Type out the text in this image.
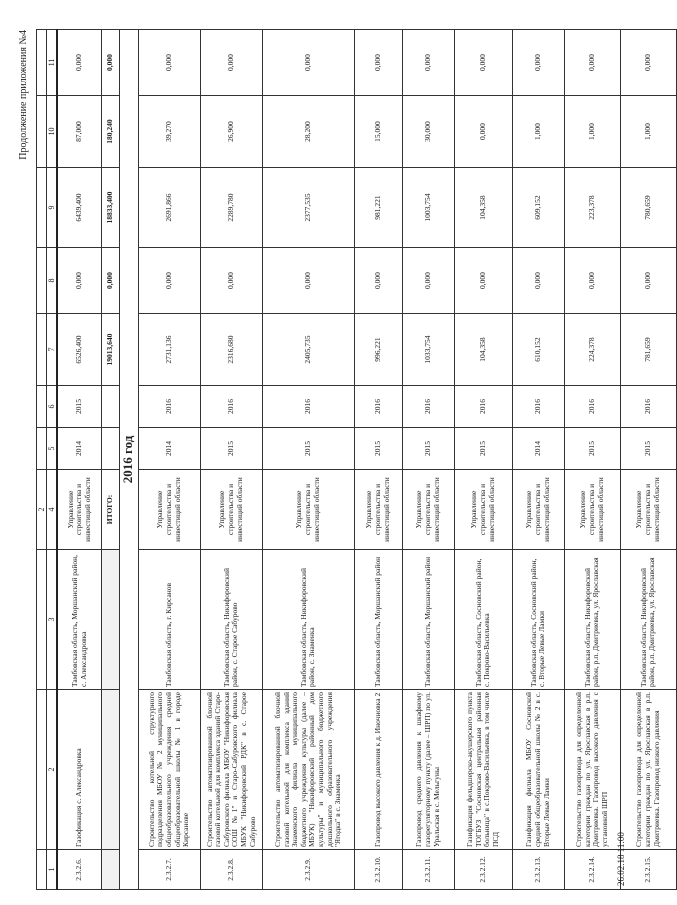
Продолжение приложения №4
			2							
1	2	3	4	5	6	7	8	9	10	11
2.3.2.6.	Газофикация с. Александровка	Тамбовская область, Моршанский район, с. Александровка	Управление строительства и инвестиций области	2014	2015	6526,400	0,000	6439,400	87,000	0,000
			ИТОГО:			19013,640	0,000	18833,400	180,240	0,000
2016 год										
2.3.2.7.	Строительство котельной структурного подразделения МБОУ № 2 муниципального общеобразовательного учреждения средней общеобразовательной школы № 1 в городе Кирсанове	Тамбовская область, г. Кирсанов	Управление строительства и инвестиций области	2014	2016	2731,136	0,000	2691,866	39,270	0,000
2.3.2.8.	Строительство автоматизированной блочной газовой котельной для комплекса зданий Старо-Сабуровского филиала МБОУ "Никифоровская СОШ №1" и Старо-Сабуровского филиала МБУК "Никифоровский РДК" в с. Старое Сабурово	Тамбовская область, Никифоровский район, с. Старое Сабурово	Управление строительства и инвестиций области	2015	2016	2316,680	0,000	2289,780	26,900	0,000
2.3.2.9.	Строительство автоматизированной блочной газовой котельной для комплекса зданий Знаменского филиала муниципального бюджетного учреждения культуры (далее – МБУК) "Никифоровский районный дом культуры" и муниципального бюджетного дошкольного образовательного учреждения "Ягодка" в с. Знаменка	Тамбовская область, Никифоровский район, с. Знаменка	Управление строительства и инвестиций области	2015	2016	2405,735	0,000	2377,535	28,200	0,000
2.3.2.10.	Газопровод высокого давления к д. Иночновка 2	Тамбовская область, Моршанский район	Управление строительства и инвестиций области	2015	2016	996,221	0,000	981,221	15,000	0,000
2.3.2.11.	Газопровод среднего давления к шкафному газорегуляторному пункту (далее – ШРП) по ул. Уральская в с. Мельгуны	Тамбовская область, Моршанский район	Управление строительства и инвестиций области	2015	2016	1033,754	0,000	1003,754	30,000	0,000
2.3.2.12.	Газификация фельдшерско-акушерского пункта ТОГБУЗ "Сосновская центральная районная больница" в с.Покрово-Васильевка, в том числе ПСД	Тамбовская область, Сосновский район, с. Покрово-Васильевка	Управление строительства и инвестиций области	2015	2016	104,358	0,000	104,358	0,000	0,000
2.3.2.13.	Газификация филиала МБОУ Сосновской средней общеобразовательной школы № 2 в с. Вторые Левые Ламки	Тамбовская область, Сосновский район, с. Вторые Левые Ламки	Управление строительства и инвестиций области	2014	2016	610,152	0,000	609,152	1,000	0,000
2.3.2.14.	Строительство газопровода для определенной категории граждан по ул. Ярославская в р.п. Дмитриевка. Газопровод высокого давления с установкой ШРП	Тамбовская область, Никифоровский район, р.п. Дмитриевка, ул. Ярославская	Управление строительства и инвестиций области	2015	2016	224,378	0,000	223,378	1,000	0,000
2.3.2.15.	Строительство газопровода для определенной категории граждан по ул. Ярославская в р.п. Дмитриевка. Газопровод низкого давления	Тамбовская область, Никифоровский район, р.п. Дмитриевка, ул. Ярославская	Управление строительства и инвестиций области	2015	2016	781,659	0,000	780,659	1,000	0,000
26.02.18 11:00
